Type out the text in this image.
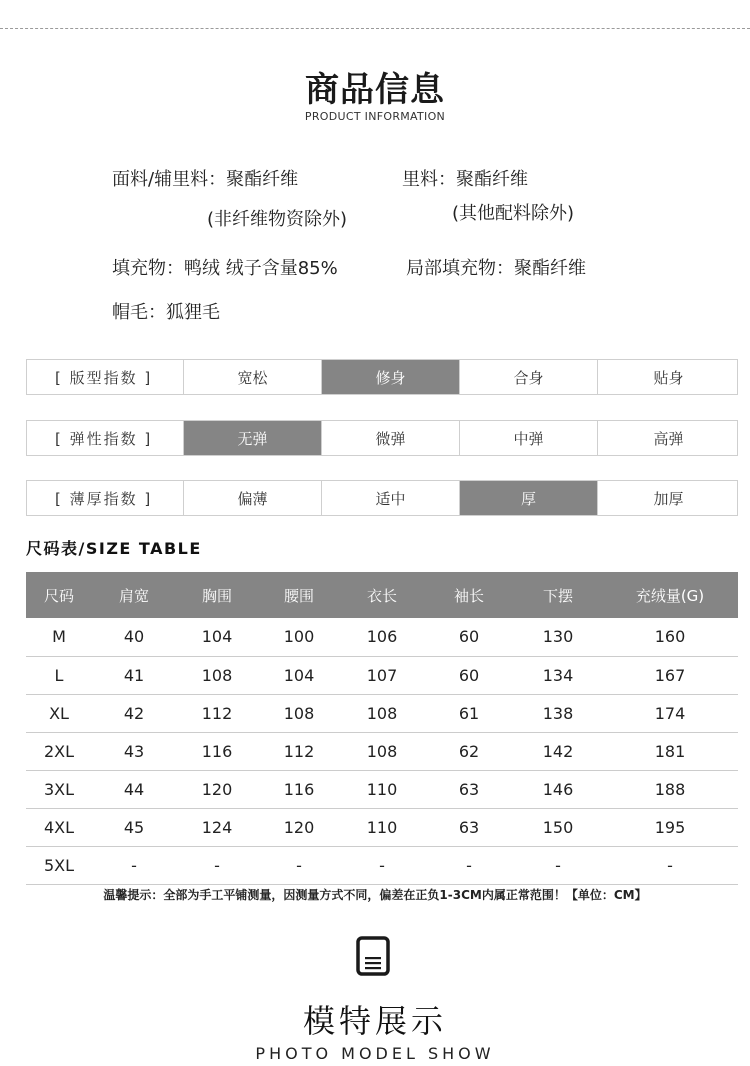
商品信息
PRODUCT INFORMATION
面料/辅里料：聚酯纤维
(非纤维物资除外)
里料：聚酯纤维
(其他配料除外)
填充物：鸭绒 绒子含量85%	局部填充物：聚酯纤维
帽毛：狐狸毛
[ 版型指数 ]	宽松	修身	合身	贴身
[ 弹性指数 ]	无弹	微弹	中弹	高弹
[ 薄厚指数 ]	偏薄	适中	厚	加厚
尺码表/SIZE TABLE
尺码	肩宽	胸围	腰围	衣长	袖长	下摆	充绒量(G)
M	40	104	100	106	60	130	160
L	41	108	104	107	60	134	167
XL	42	112	108	108	61	138	174
2XL	43	116	112	108	62	142	181
3XL	44	120	116	110	63	146	188
4XL	45	124	120	110	63	150	195
5XL	-	-	-	-	-	-	-
温馨提示：全部为手工平铺测量，因测量方式不同，偏差在正负1-3CM内属正常范围！【单位：CM】
模特展示
PHOTO MODEL SHOW
